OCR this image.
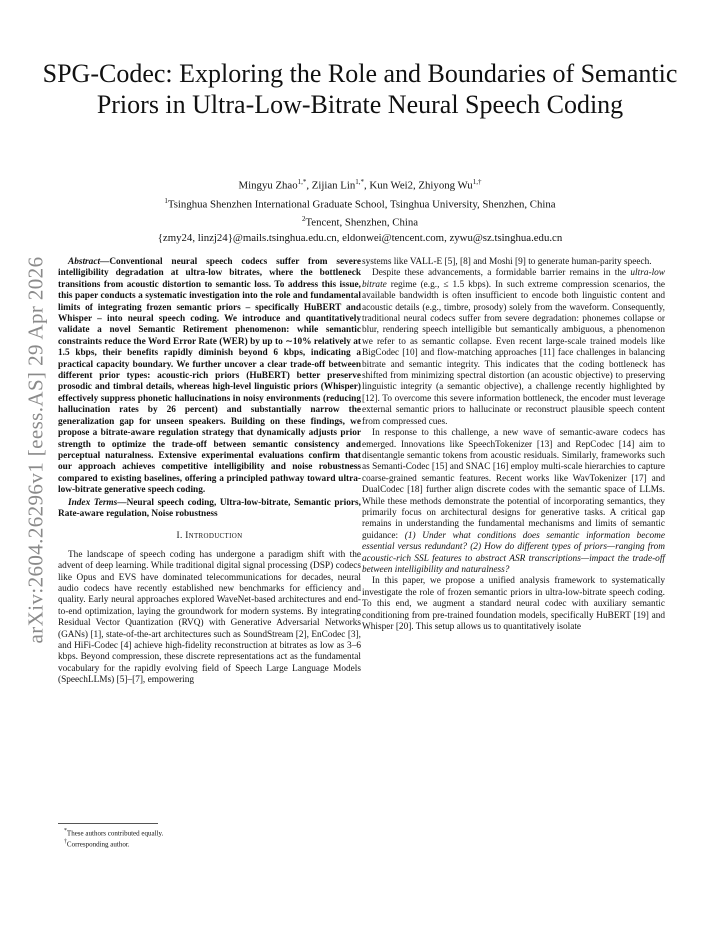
arXiv:2604.26296v1 [eess.AS] 29 Apr 2026
SPG-Codec: Exploring the Role and Boundaries of Semantic Priors in Ultra-Low-Bitrate Neural Speech Coding
Mingyu Zhao$^{1,*}$, Zijian Lin$^{1,*}$, Kun Wei2, Zhiyong $Wu^{1,\dagger}$
$^1$Tsinghua Shenzhen International Graduate School, Tsinghua University, Shenzhen, China
$^2$Tencent, Shenzhen, China
{zmy24, linzj24}@mails.tsinghua.edu.cn, eldonwei@tencent.com, zywu@sz.tsinghua.edu.cn

Abstract—Conventional neural speech codecs suffer from severe intelligibility degradation at ultra-low bitrates, where the bottleneck transitions from acoustic distortion to semantic loss. To address this issue, this paper conducts a systematic investigation into the role and fundamental limits of integrating frozen semantic priors – specifically HuBERT and Whisper – into neural speech coding. We introduce and quantitatively validate a novel Semantic Retirement phenomenon: while semantic constraints reduce the Word Error Rate (WER) by up to ∼10% relatively at 1.5 kbps, their benefits rapidly diminish beyond 6 kbps, indicating a practical capacity boundary. We further uncover a clear trade-off between different prior types: acoustic-rich priors (HuBERT) better preserve prosodic and timbral details, whereas high-level linguistic priors (Whisper) effectively suppress phonetic hallucinations in noisy environments (reducing hallucination rates by 26 percent) and substantially narrow the generalization gap for unseen speakers. Building on these findings, we propose a bitrate-aware regulation strategy that dynamically adjusts prior strength to optimize the trade-off between semantic consistency and perceptual naturalness. Extensive experimental evaluations confirm that our approach achieves competitive intelligibility and noise robustness compared to existing baselines, offering a principled pathway toward ultra-low-bitrate generative speech coding.

Index Terms—Neural speech coding, Ultra-low-bitrate, Semantic priors, Rate-aware regulation, Noise robustness

I. Introduction

The landscape of speech coding has undergone a paradigm shift with the advent of deep learning. While traditional digital signal processing (DSP) codecs like Opus and EVS have dominated telecommunications for decades, neural audio codecs have recently established new benchmarks for efficiency and quality. Early neural approaches explored WaveNet-based architectures and end-to-end optimization, laying the groundwork for modern systems. By integrating Residual Vector Quantization (RVQ) with Generative Adversarial Networks (GANs) [1], state-of-the-art architectures such as SoundStream [2], EnCodec [3], and HiFi-Codec [4] achieve high-fidelity reconstruction at bitrates as low as 3–6 kbps. Beyond compression, these discrete representations act as the fundamental vocabulary for the rapidly evolving field of Speech Large Language Models (SpeechLLMs) [5]–[7], empowering

systems like VALL-E [5], [8] and Moshi [9] to generate human-parity speech.

Despite these advancements, a formidable barrier remains in the ultra-low bitrate regime (e.g., ≤ 1.5 kbps). In such extreme compression scenarios, the available bandwidth is often insufficient to encode both linguistic content and acoustic details (e.g., timbre, prosody) solely from the waveform. Consequently, traditional neural codecs suffer from severe degradation: phonemes collapse or blur, rendering speech intelligible but semantically ambiguous, a phenomenon we refer to as semantic collapse. Even recent large-scale trained models like BigCodec [10] and flow-matching approaches [11] face challenges in balancing bitrate and semantic integrity. This indicates that the coding bottleneck has shifted from minimizing spectral distortion (an acoustic objective) to preserving linguistic integrity (a semantic objective), a challenge recently highlighted by [12]. To overcome this severe information bottleneck, the encoder must leverage external semantic priors to hallucinate or reconstruct plausible speech content from compressed cues.

In response to this challenge, a new wave of semantic-aware codecs has emerged. Innovations like SpeechTokenizer [13] and RepCodec [14] aim to disentangle semantic tokens from acoustic residuals. Similarly, frameworks such as Semanti-Codec [15] and SNAC [16] employ multi-scale hierarchies to capture coarse-grained semantic features. Recent works like WavTokenizer [17] and DualCodec [18] further align discrete codes with the semantic space of LLMs. While these methods demonstrate the potential of incorporating semantics, they primarily focus on architectural designs for generative tasks. A critical gap remains in understanding the fundamental mechanisms and limits of semantic guidance: (1) Under what conditions does semantic information become essential versus redundant? (2) How do different types of priors—ranging from acoustic-rich SSL features to abstract ASR transcriptions—impact the trade-off between intelligibility and naturalness?

In this paper, we propose a unified analysis framework to systematically investigate the role of frozen semantic priors in ultra-low-bitrate speech coding. To this end, we augment a standard neural codec with auxiliary semantic conditioning from pre-trained foundation models, specifically HuBERT [19] and Whisper [20]. This setup allows us to quantitatively isolate

*These authors contributed equally.
†Corresponding author.
